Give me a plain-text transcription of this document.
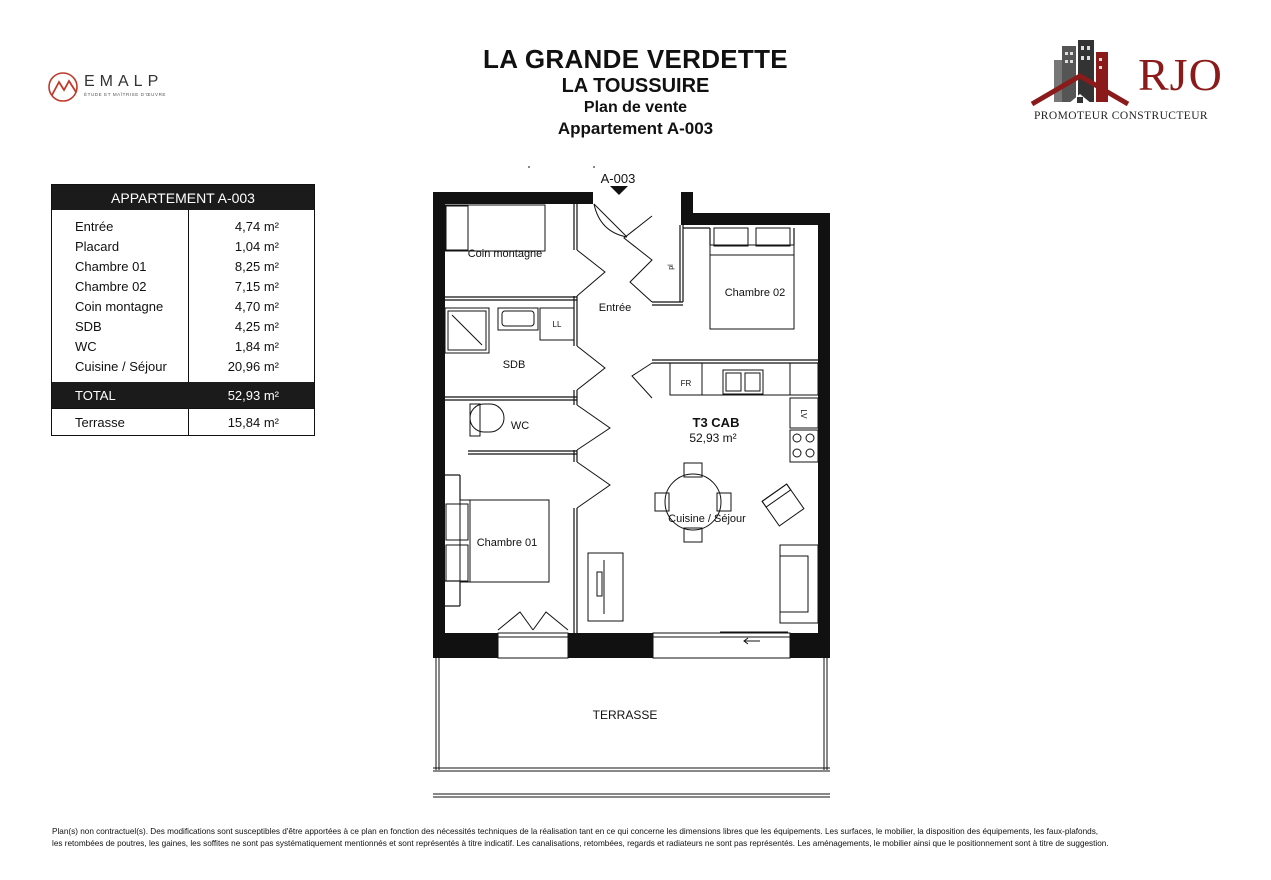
LA GRANDE VERDETTE
LA TOUSSUIRE
Plan de vente
Appartement A-003
EMALP
ÉTUDE ET MAÎTRISE D'ŒUVRE	RJO
PROMOTEUR CONSTRUCTEUR
APPARTEMENT A-003	
Entrée	4,74 m²
Placard	1,04 m²
Chambre 01	8,25 m²
Chambre 02	7,15 m²
Coin montagne	4,70 m²
SDB	4,25 m²
WC	1,84 m²
Cuisine / Séjour	20,96 m²
TOTAL	52,93 m²
Terrasse	15,84 m²
A-003
Coin montagne
Entrée
Chambre 02
SDB
WC
Chambre 01
Cuisine / Séjour
TERRASSE
T3 CAB
52,93 m²
LL
FR
LV
pl
Plan(s) non contractuel(s). Des modifications sont susceptibles d'être apportées à ce plan en fonction des nécessités techniques de la réalisation tant en ce qui concerne les dimensions libres que les équipements. Les surfaces, le mobilier, la disposition des équipements, les faux-plafonds,
les retombées de poutres, les gaines, les soffites ne sont pas systématiquement mentionnés et sont représentés à titre indicatif. Les canalisations, retombées, regards et radiateurs ne sont pas représentés. Les aménagements, le mobilier ainsi que le positionnement sont à titre de suggestion.
